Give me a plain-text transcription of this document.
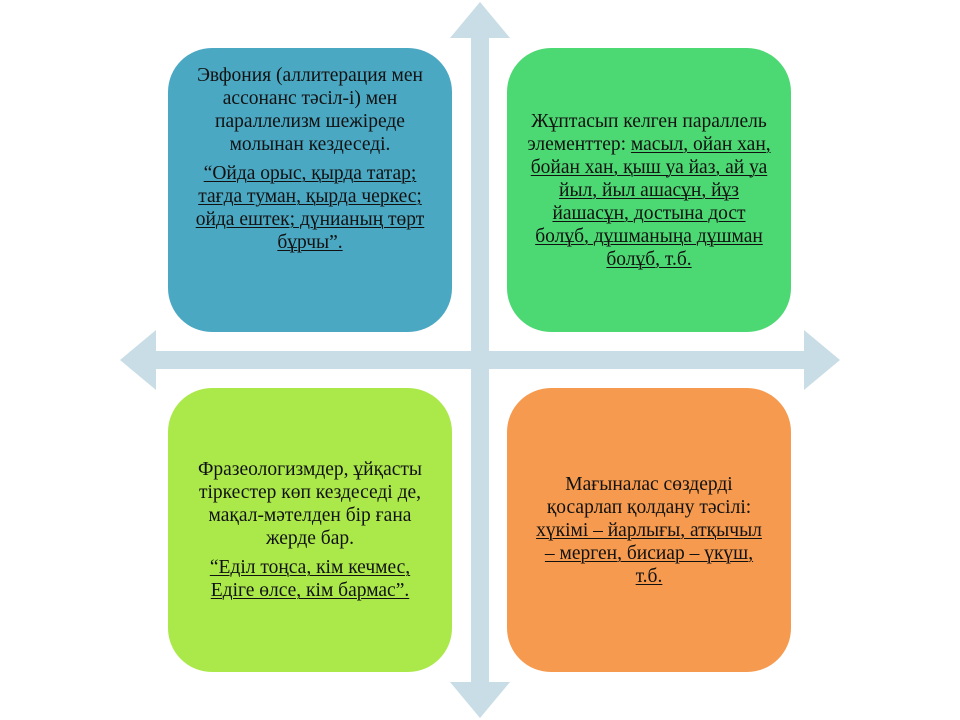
Эвфония (аллитерация мен ассонанс тәсіл-і) мен параллелизм шежіреде молынан кездеседі.

“Ойда орыс, қырда татар; тағда туман, қырда черкес; ойда ештек; дүнианың төрт бұрчы”.

Жұптасып келген параллель элементтер: масыл, ойан хан, бойан хан, қыш уа йаз, ай уа йыл, йыл ашасұн, йұз йашасұн, достына дост болұб, дұшманыңа дұшман болұб, т.б.

Фразеологизмдер, ұйқасты тіркестер көп кездеседі де, мақал-мәтелден бір ғана жерде бар.

“Еділ тоңса, кім кечмес, Едіге өлсе, кім бармас”.

Мағыналас сөздерді қосарлап қолдану тәсілі: хүкімі – йарлығы, атқычыл – мерген, бисиар – үкүш, т.б.
